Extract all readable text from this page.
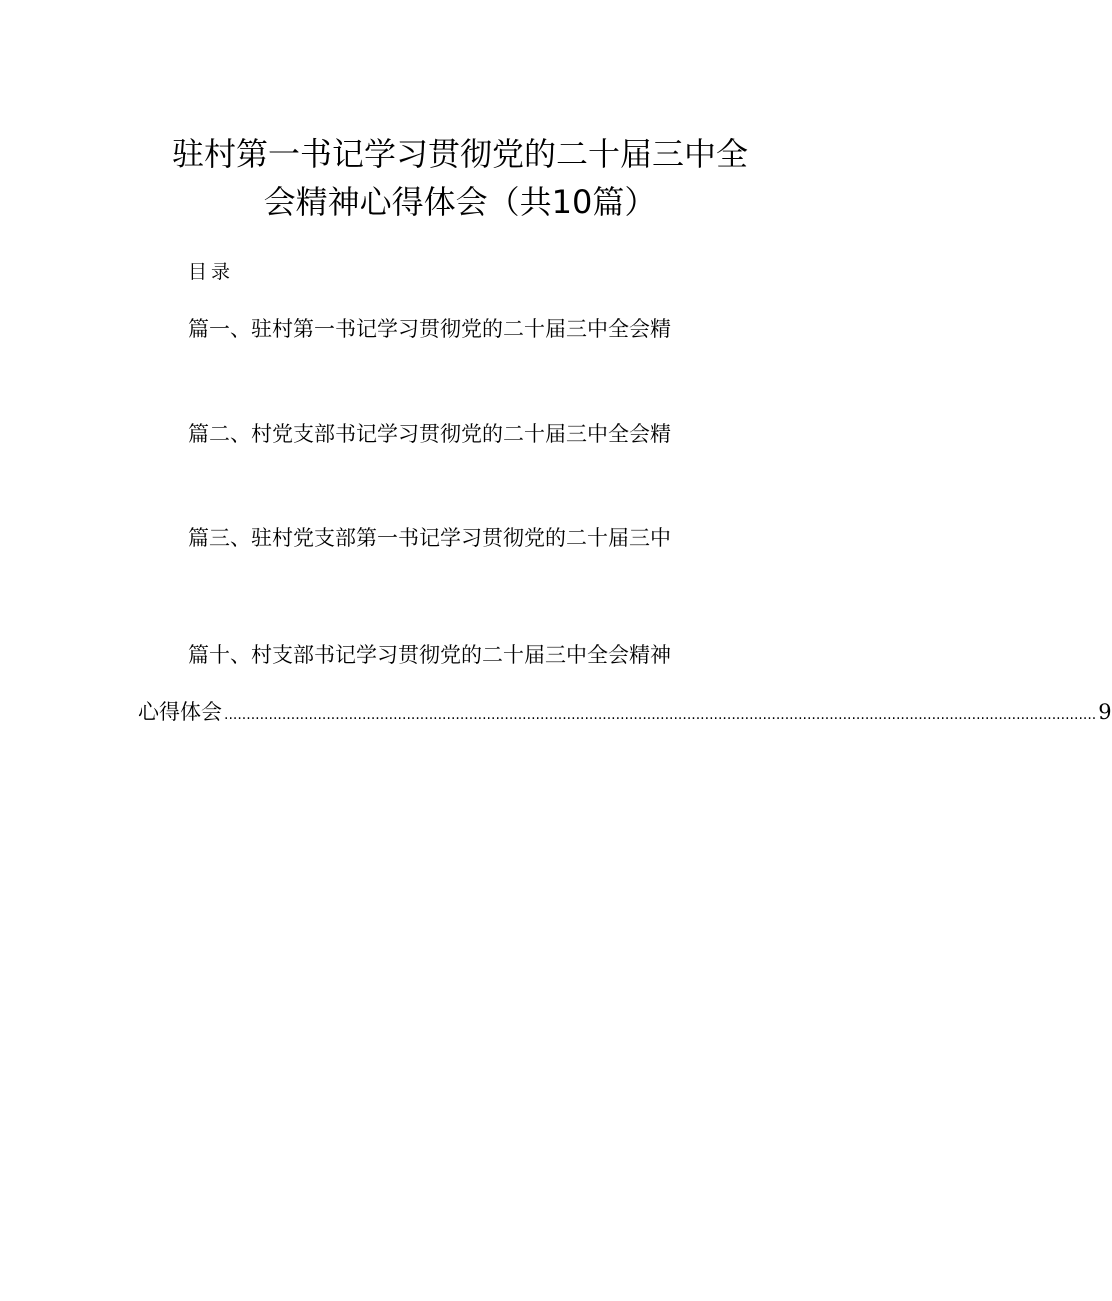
驻村第一书记学习贯彻党的二十届三中全
会精神心得体会（共10篇）
目录
篇一、驻村第一书记学习贯彻党的二十届三中全会精
篇二、村党支部书记学习贯彻党的二十届三中全会精
篇三、驻村党支部第一书记学习贯彻党的二十届三中
篇十、村支部书记学习贯彻党的二十届三中全会精神
心得体会 .................................................................................................................................................................................................... 9
